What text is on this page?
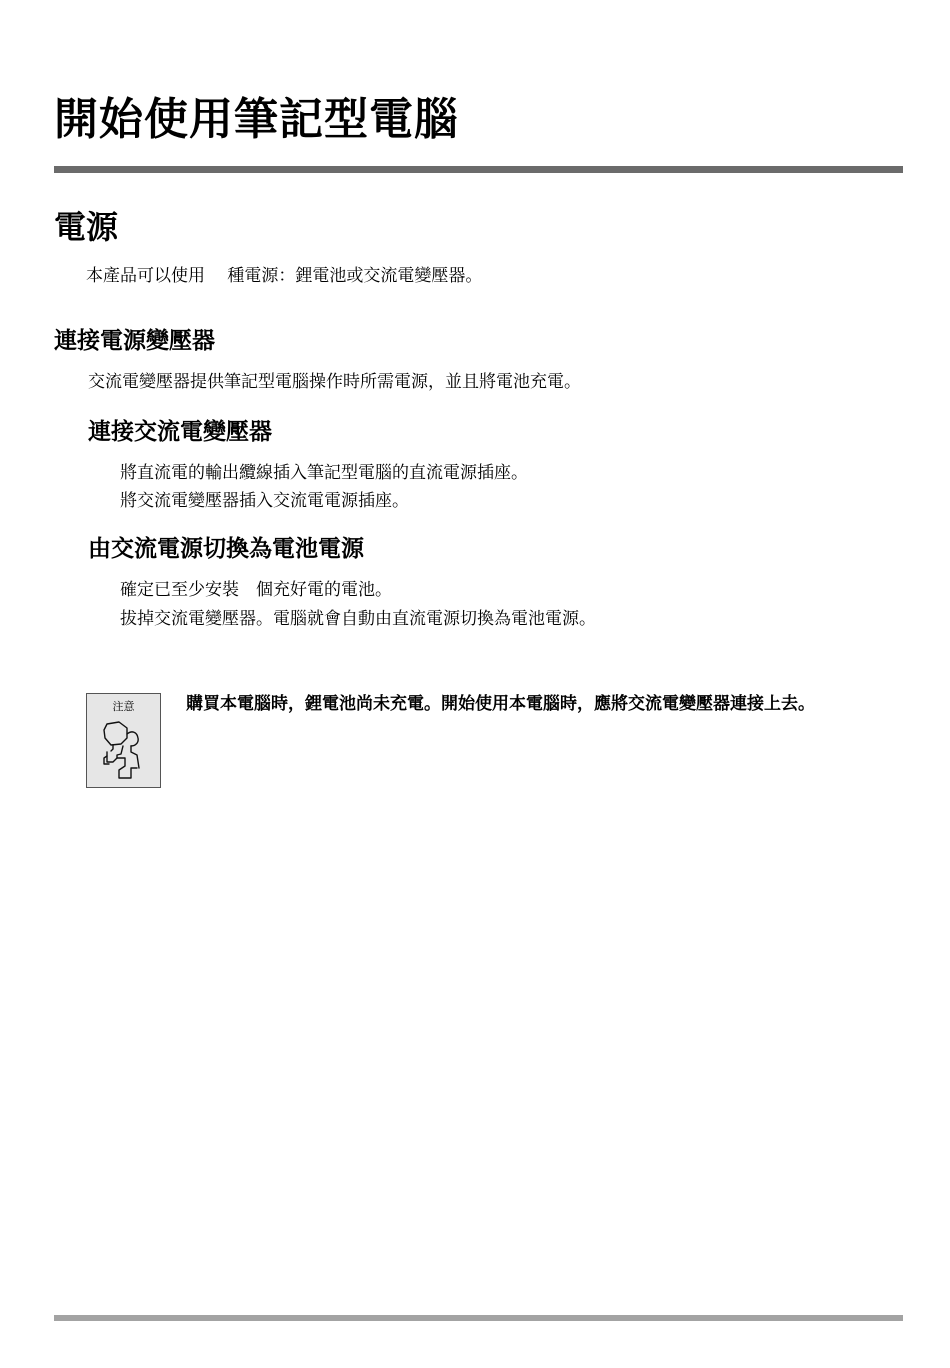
開始使用筆記型電腦
電源
本產品可以使用　 種電源：鋰電池或交流電變壓器。
連接電源變壓器
交流電變壓器提供筆記型電腦操作時所需電源，並且將電池充電。
連接交流電變壓器
將直流電的輸出纜線插入筆記型電腦的直流電源插座。
將交流電變壓器插入交流電電源插座。
由交流電源切換為電池電源
確定已至少安裝　個充好電的電池。
拔掉交流電變壓器。電腦就會自動由直流電源切換為電池電源。
注意	購買本電腦時，鋰電池尚未充電。開始使用本電腦時，應將交流電變壓器連接上去。
